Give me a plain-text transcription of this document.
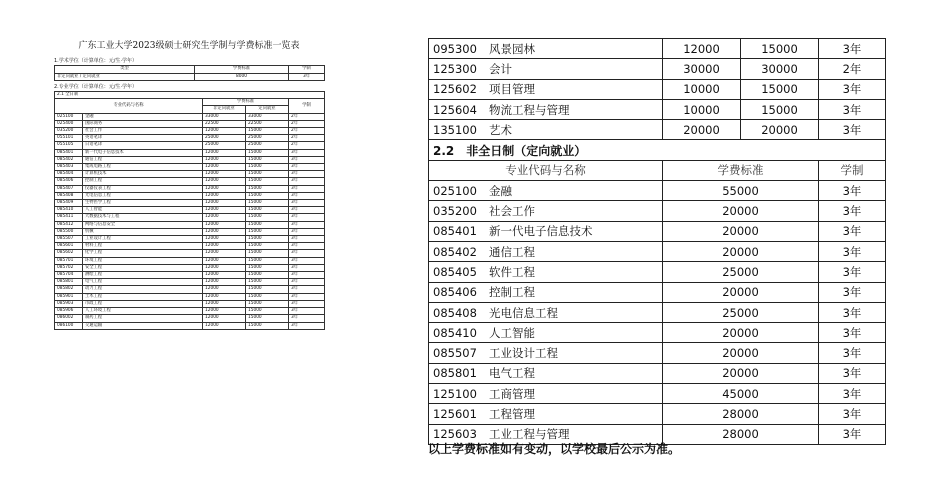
广东工业大学2023级硕士研究生学制与学费标准一览表
1.学术学位（计算单位：元/生·学年）
类型	学费标准	学制
非定向就业 / 定向就业	8000	3年
2.专业学位（计算单位：元/生·学年）
2.1 全日制				
专业代码与名称		学费标准		学制
		非定向就业	定向就业	
025100	金融	33000	33000	2年
025400	国际商务	22500	22500	2年
035200	社会工作	12000	15000	2年
055101	英语笔译	25000	25000	2年
055105	日语笔译	25000	25000	2年
085401	新一代电子信息技术	12000	15000	3年
085402	通信工程	12000	15000	3年
085403	集成电路工程	12000	15000	3年
085404	计算机技术	12000	15000	3年
085406	控制工程	12000	15000	3年
085407	仪器仪表工程	12000	15000	3年
085408	光电信息工程	12000	15000	3年
085409	生物医学工程	12000	15000	3年
085410	人工智能	12000	15000	3年
085411	大数据技术与工程	12000	15000	3年
085412	网络与信息安全	12000	15000	3年
085500	机械	12000	15000	3年
085507	工业设计工程	12000	15000	3年
085601	材料工程	12000	15000	3年
085602	化学工程	12000	15000	3年
085701	环境工程	12000	15000	3年
085702	安全工程	12000	15000	3年
085704	测绘工程	12000	15000	3年
085801	电气工程	12000	15000	3年
085802	动力工程	12000	15000	3年
085901	土木工程	12000	15000	3年
085903	市政工程	12000	15000	3年
085906	人工环境工程	12000	15000	3年
086002	制药工程	12000	15000	3年
086100	交通运输	12000	15000	3年
095300 风景园林	12000	15000	3年
125300 会计	30000	30000	2年
125602 项目管理	10000	15000	3年
125604 物流工程与管理	10000	15000	3年
135100 艺术	20000	20000	3年
2.2　非全日制（定向就业）			
专业代码与名称	学费标准		学制
025100 金融	55000		3年
035200 社会工作	20000		3年
085401 新一代电子信息技术	20000		3年
085402 通信工程	20000		3年
085405 软件工程	25000		3年
085406 控制工程	20000		3年
085408 光电信息工程	25000		3年
085410 人工智能	20000		3年
085507 工业设计工程	20000		3年
085801 电气工程	20000		3年
125100 工商管理	45000		3年
125601 工程管理	28000		3年
125603 工业工程与管理	28000		3年
以上学费标准如有变动，以学校最后公示为准。
